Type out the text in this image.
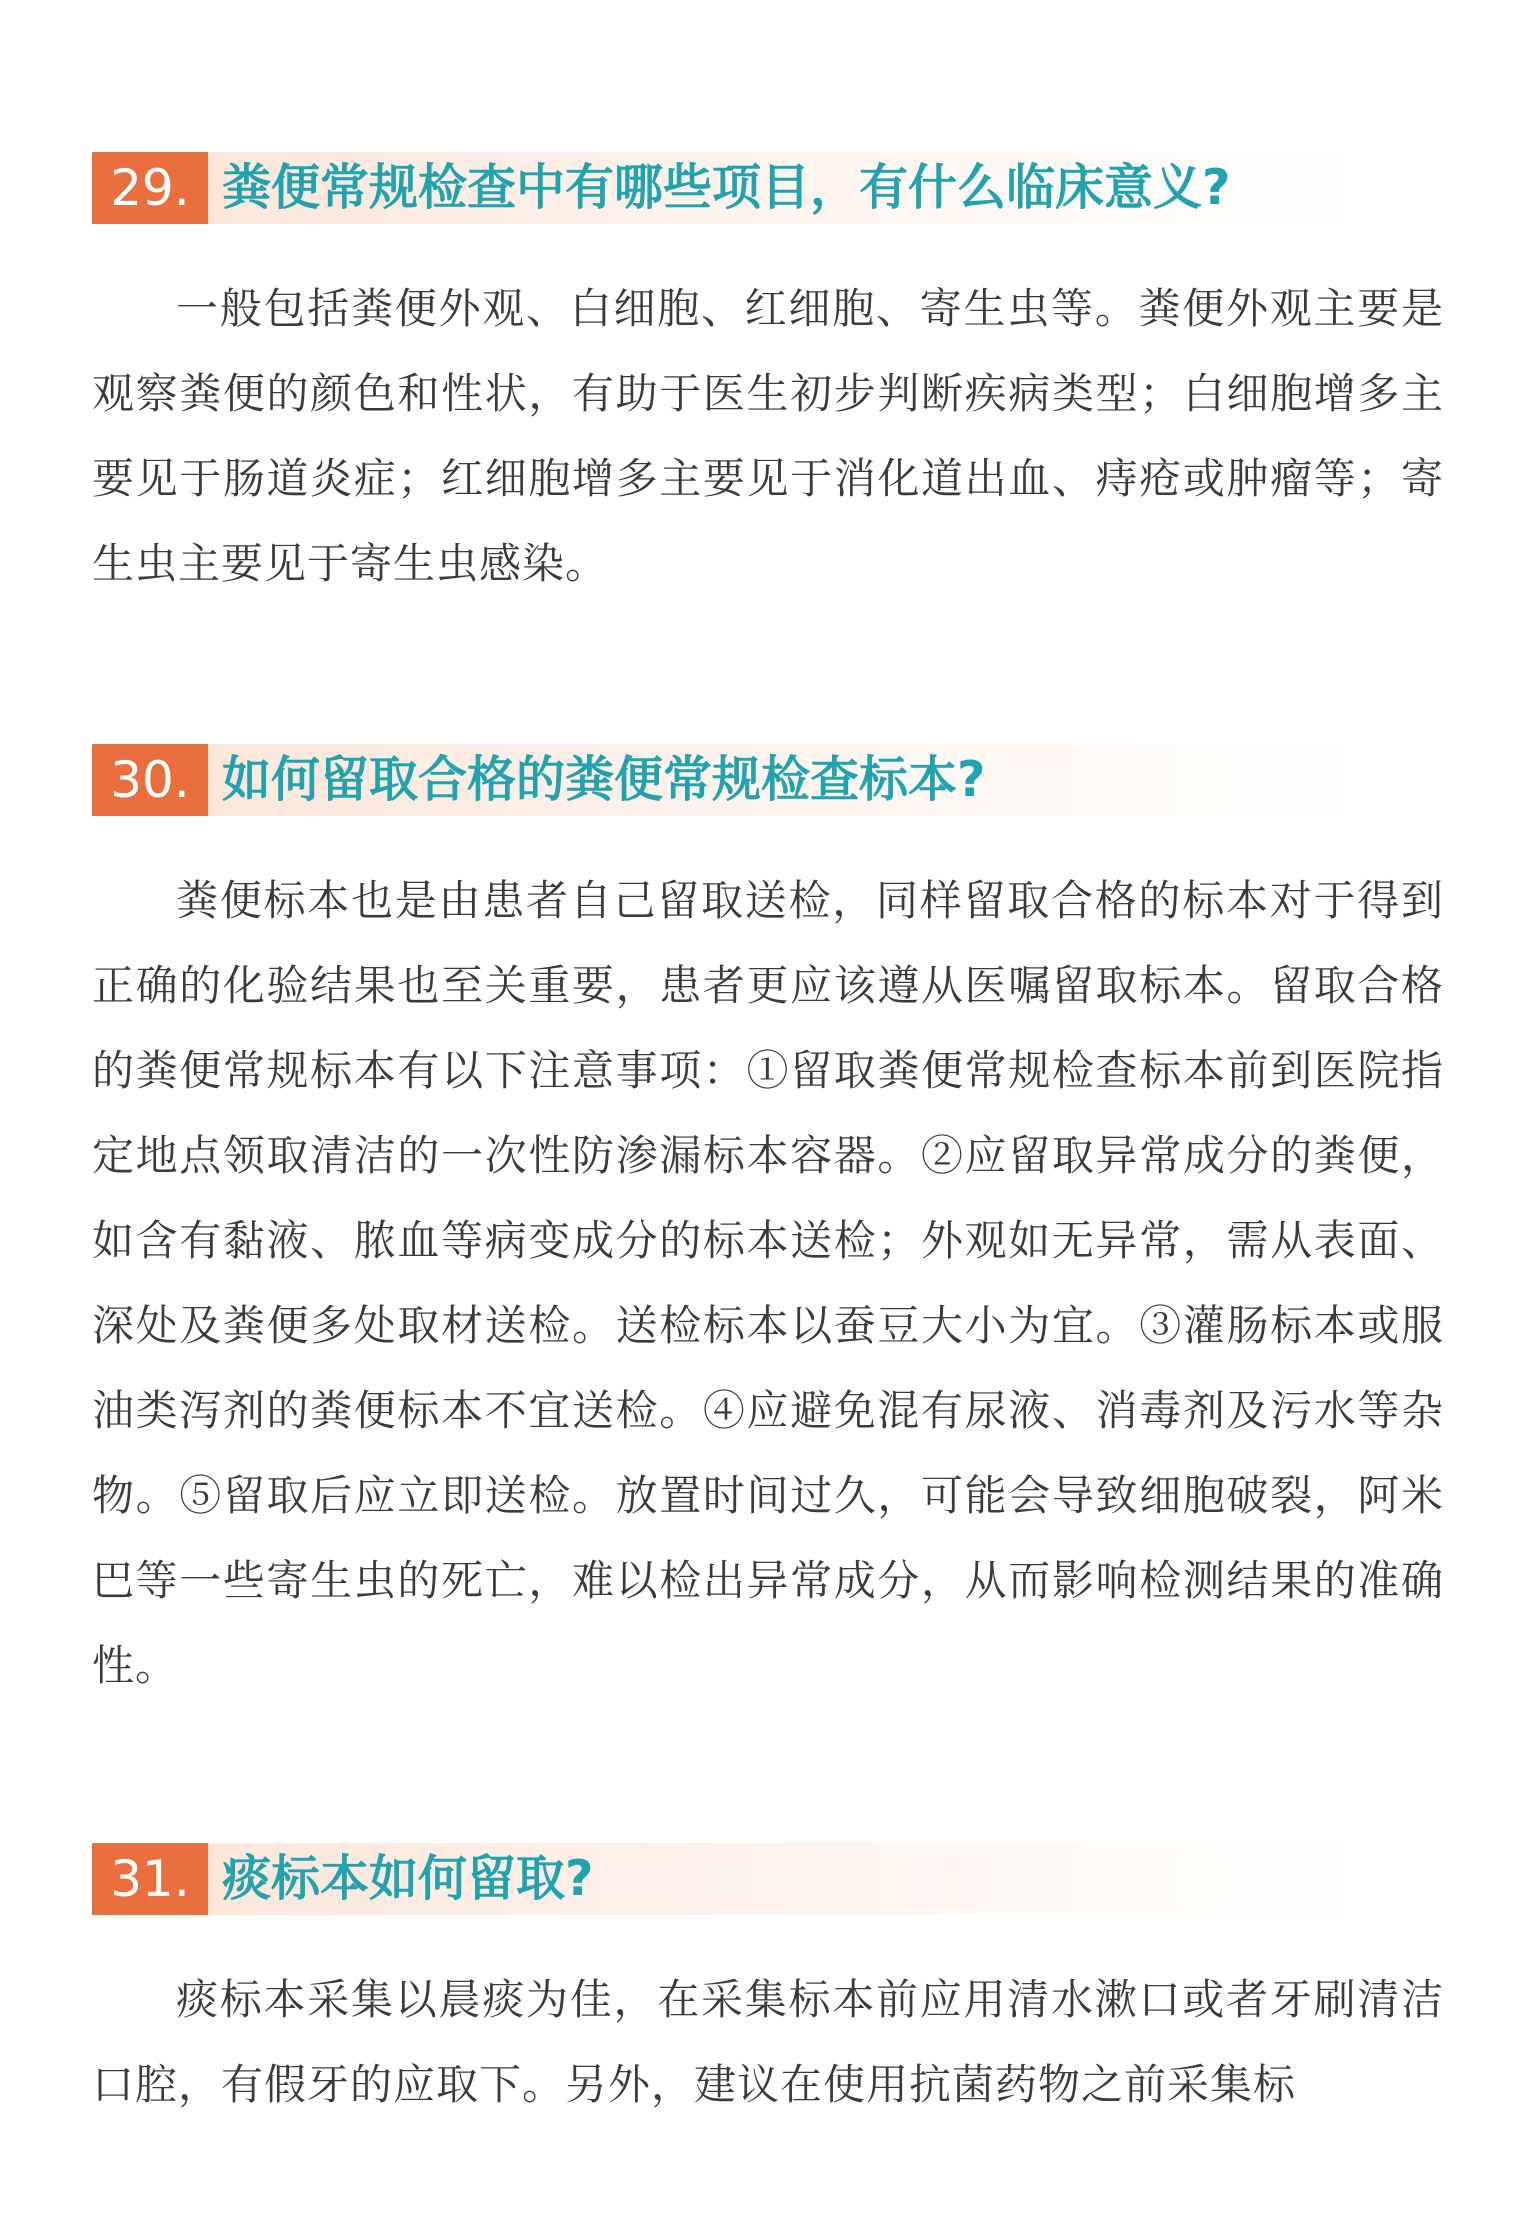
29. 粪便常规检查中有哪些项目，有什么临床意义?

一般包括粪便外观、白细胞、红细胞、寄生虫等。粪便外观主要是观察粪便的颜色和性状，有助于医生初步判断疾病类型；白细胞增多主要见于肠道炎症；红细胞增多主要见于消化道出血、痔疮或肿瘤等；寄生虫主要见于寄生虫感染。

30. 如何留取合格的粪便常规检查标本?

粪便标本也是由患者自己留取送检，同样留取合格的标本对于得到正确的化验结果也至关重要，患者更应该遵从医嘱留取标本。留取合格的粪便常规标本有以下注意事项：①留取粪便常规检查标本前到医院指定地点领取清洁的一次性防渗漏标本容器。②应留取异常成分的粪便，如含有黏液、脓血等病变成分的标本送检；外观如无异常，需从表面、深处及粪便多处取材送检。送检标本以蚕豆大小为宜。③灌肠标本或服油类泻剂的粪便标本不宜送检。④应避免混有尿液、消毒剂及污水等杂物。⑤留取后应立即送检。放置时间过久，可能会导致细胞破裂，阿米巴等一些寄生虫的死亡，难以检出异常成分，从而影响检测结果的准确性。

31. 痰标本如何留取?

痰标本采集以晨痰为佳，在采集标本前应用清水漱口或者牙刷清洁口腔，有假牙的应取下。另外，建议在使用抗菌药物之前采集标
